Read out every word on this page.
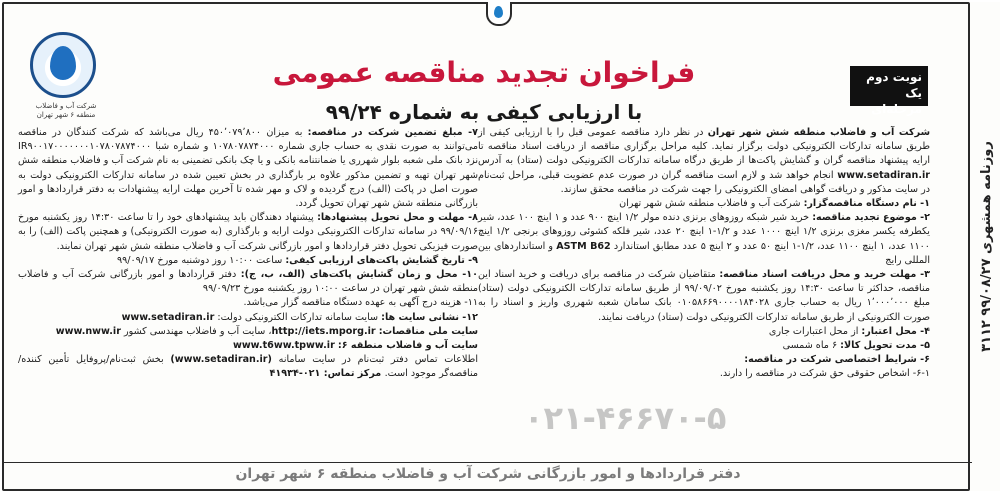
شرکت آب و فاضلاب
منطقه ۶ شهر تهران
فراخوان تجدید مناقصه عمومی
با ارزیابی کیفی به شماره ۹۹/۲۴
نوبت دوم
یک مرحله‌ای
۰۲۱-۴۶۶۷۰-۵

شرکت آب و فاضلاب منطقه شش شهر تهران در نظر دارد مناقصه عمومی قبل را با ارزیابی کیفی از طریق سامانه تدارکات الکترونیکی دولت برگزار نماید. کلیه مراحل برگزاری مناقصه از دریافت اسناد مناقصه تا ارایه پیشنهاد مناقصه گران و گشایش پاکت‌ها از طریق درگاه سامانه تدارکات الکترونیکی دولت (ستاد) به آدرس www.setadiran.ir انجام خواهد شد و لازم است مناقصه گران در صورت عدم عضویت قبلی، مراحل ثبت‌نام در سایت مذکور و دریافت گواهی امضای الکترونیکی را جهت شرکت در مناقصه محقق سازند.

۱- نام دستگاه مناقصه‌گزار: شرکت آب و فاضلاب منطقه شش شهر تهران

۲- موضوع تجدید مناقصه: خرید شیر شبکه روزوهای برنزی دنده مولر ۱/۲ اینچ ۹۰۰ عدد و ۱ اینچ ۱۰۰ عدد، شیر یکطرفه یکسر مغزی برنزی ۱/۲ اینچ ۱۰۰۰ عدد و ۱/۲-۱ اینچ ۲۰ عدد، شیر فلکه کشوئی روزوهای برنجی ۱/۲ اینچ ۱۱۰۰ عدد، ۱ اینچ ۱۱۰۰ عدد، ۱/۲-۱ اینچ ۵۰ عدد و ۲ اینچ ۵ عدد مطابق استاندارد ASTM B62 و استانداردهای بین المللی رایج

۳- مهلت خرید و محل دریافت اسناد مناقصه: متقاضیان شرکت در مناقصه برای دریافت و خرید اسناد این مناقصه، حداکثر تا ساعت ۱۴:۳۰ روز یکشنبه مورخ ۹۹/۰۹/۰۲ از طریق سامانه تدارکات الکترونیکی دولت (ستاد) مبلغ ۱٬۰۰۰٬۰۰۰ ریال به حساب جاری ۰۱۰۵۸۶۶۹۰۰۰۰۱۸۴۰۲۸ بانک سامان شعبه شهرری واریز و اسناد را به صورت الکترونیکی از طریق سامانه تدارکات الکترونیکی دولت (ستاد) دریافت نمایند.

۴- محل اعتبار: از محل اعتبارات جاری

۵- مدت تحویل کالا: ۶ ماه شمسی

۶- شرایط اختصاصی شرکت در مناقصه:

۶-۱- اشخاص حقوقی حق شرکت در مناقصه را دارند.

۷- مبلغ تضمین شرکت در مناقصه: به میزان ۴۵۰٬۰۷۹٬۸۰۰ ریال می‌باشد که شرکت کنندگان در مناقصه می‌توانند به صورت نقدی به حساب جاری شماره ۱۰۷۸۰۷۸۷۴۰۰۰ و شماره شبا IR۹۰۰۱۷۰۰۰۰۰۰۰۱۰۷۸۰۷۸۷۴۰۰۰ نزد بانک ملی شعبه بلوار شهرری یا ضمانتنامه بانکی و یا چک بانکی تضمینی به نام شرکت آب و فاضلاب منطقه شش شهر تهران تهیه و تضمین مذکور علاوه بر بارگذاری در بخش تعیین شده در سامانه تدارکات الکترونیکی دولت به صورت اصل در پاکت (الف) درج گردیده و لاک و مهر شده تا آخرین مهلت ارایه پیشنهادات به دفتر قراردادها و امور بازرگانی منطقه شش شهر تهران تحویل گردد.

۸- مهلت و محل تحویل پیشنهادها: پیشنهاد دهندگان باید پیشنهادهای خود را تا ساعت ۱۴:۳۰ روز یکشنبه مورخ ۹۹/۰۹/۱۶ در سامانه تدارکات الکترونیکی دولت ارایه و بارگذاری (به صورت الکترونیکی) و همچنین پاکت (الف) را به صورت فیزیکی تحویل دفتر قراردادها و امور بازرگانی شرکت آب و فاضلاب منطقه شش شهر تهران نمایند.

۹- تاریخ گشایش پاکت‌های ارزیابی کیفی: ساعت ۱۰:۰۰ روز دوشنبه مورخ ۹۹/۰۹/۱۷

۱۰- محل و زمان گشایش پاکت‌های (الف، ب، ج): دفتر قراردادها و امور بازرگانی شرکت آب و فاضلاب منطقه شش شهر تهران در ساعت ۱۰:۰۰ روز یکشنبه مورخ ۹۹/۰۹/۲۳

۱۱- هزینه درج آگهی به عهده دستگاه مناقصه گزار می‌باشد.

۱۲- نشانی سایت ها: سایت سامانه تدارکات الکترونیکی دولت: www.setadiran.ir

سایت ملی مناقصات: http://iets.mporg.ir، سایت آب و فاضلاب مهندسی کشور www.nww.ir

سایت آب و فاضلاب منطقه ۶: www.t6ww.tpww.ir

اطلاعات تماس دفتر ثبت‌نام در سایت سامانه (www.setadiran.ir) بخش ثبت‌نام/پروفایل تأمین کننده/ مناقصه‌گر موجود است. مرکز تماس: ۰۲۱-۴۱۹۳۴

دفتر قراردادها و امور بازرگانی شرکت آب و فاضلاب منطقه ۶ شهر تهران
روزنامه همشهری ۹۹/۰۸/۲۷ ۳۱۱۲
